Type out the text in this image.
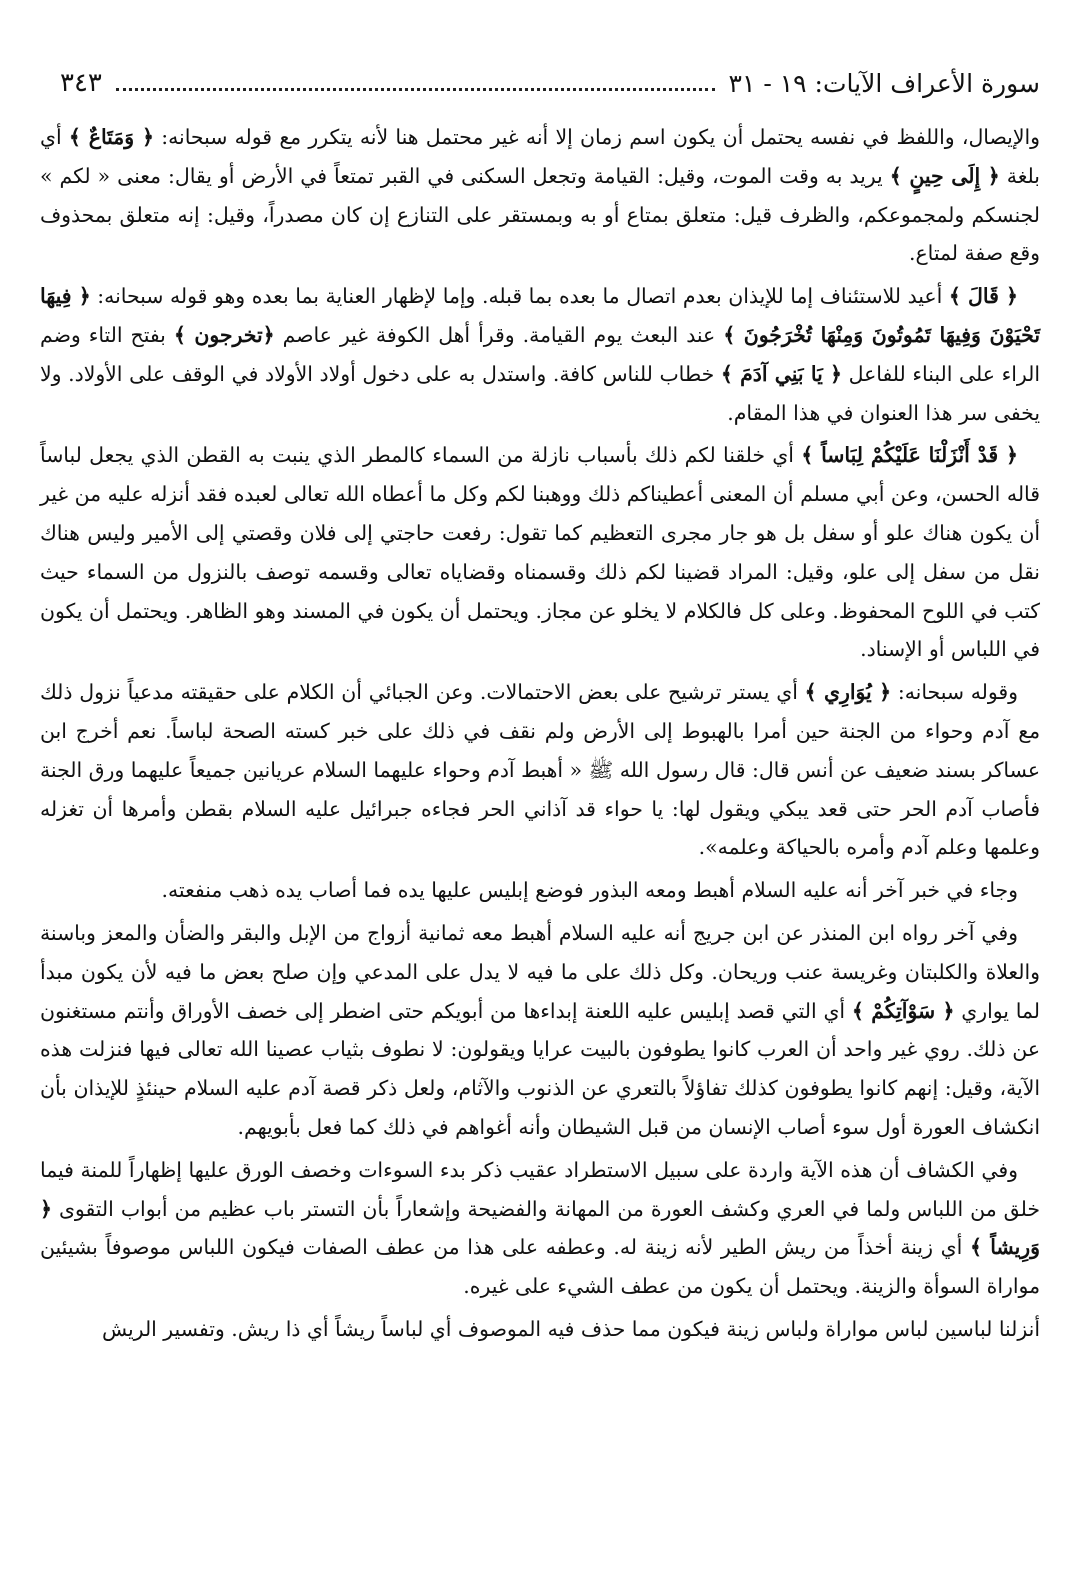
سورة الأعراف الآيات: ١٩ - ٣١
٣٤٣

والإيصال، واللفظ في نفسه يحتمل أن يكون اسم زمان إلا أنه غير محتمل هنا لأنه يتكرر مع قوله سبحانه: ﴿ وَمَتَاعٌ ﴾ أي بلغة ﴿ إِلَى حِينٍ ﴾ يريد به وقت الموت، وقيل: القيامة وتجعل السكنى في القبر تمتعاً في الأرض أو يقال: معنى « لكم » لجنسكم ولمجموعكم، والظرف قيل: متعلق بمتاع أو به وبمستقر على التنازع إن كان مصدراً، وقيل: إنه متعلق بمحذوف وقع صفة لمتاع.

﴿ قَالَ ﴾ أعيد للاستئناف إما للإيذان بعدم اتصال ما بعده بما قبله. وإما لإظهار العناية بما بعده وهو قوله سبحانه: ﴿ فِيهَا تَحْيَوْنَ وَفِيهَا تَمُوتُونَ وَمِنْهَا تُخْرَجُونَ ﴾ عند البعث يوم القيامة. وقرأ أهل الكوفة غير عاصم ﴿تخرجون ﴾ بفتح التاء وضم الراء على البناء للفاعل ﴿ يَا بَنِي آدَمَ ﴾ خطاب للناس كافة. واستدل به على دخول أولاد الأولاد في الوقف على الأولاد. ولا يخفى سر هذا العنوان في هذا المقام.

﴿ قَدْ أَنْزَلْنَا عَلَيْكُمْ لِبَاساً ﴾ أي خلقنا لكم ذلك بأسباب نازلة من السماء كالمطر الذي ينبت به القطن الذي يجعل لباساً قاله الحسن، وعن أبي مسلم أن المعنى أعطيناكم ذلك ووهبنا لكم وكل ما أعطاه الله تعالى لعبده فقد أنزله عليه من غير أن يكون هناك علو أو سفل بل هو جار مجرى التعظيم كما تقول: رفعت حاجتي إلى فلان وقصتي إلى الأمير وليس هناك نقل من سفل إلى علو، وقيل: المراد قضينا لكم ذلك وقسمناه وقضاياه تعالى وقسمه توصف بالنزول من السماء حيث كتب في اللوح المحفوظ. وعلى كل فالكلام لا يخلو عن مجاز. ويحتمل أن يكون في المسند وهو الظاهر. ويحتمل أن يكون في اللباس أو الإسناد.

وقوله سبحانه: ﴿ يُوَارِي ﴾ أي يستر ترشيح على بعض الاحتمالات. وعن الجبائي أن الكلام على حقيقته مدعياً نزول ذلك مع آدم وحواء من الجنة حين أمرا بالهبوط إلى الأرض ولم نقف في ذلك على خبر كسته الصحة لباساً. نعم أخرج ابن عساكر بسند ضعيف عن أنس قال: قال رسول الله ﷺ « أهبط آدم وحواء عليهما السلام عريانين جميعاً عليهما ورق الجنة فأصاب آدم الحر حتى قعد يبكي ويقول لها: يا حواء قد آذاني الحر فجاءه جبرائيل عليه السلام بقطن وأمرها أن تغزله وعلمها وعلم آدم وأمره بالحياكة وعلمه».

وجاء في خبر آخر أنه عليه السلام أهبط ومعه البذور فوضع إبليس عليها يده فما أصاب يده ذهب منفعته.

وفي آخر رواه ابن المنذر عن ابن جريج أنه عليه السلام أهبط معه ثمانية أزواج من الإبل والبقر والضأن والمعز وباسنة والعلاة والكلبتان وغريسة عنب وريحان. وكل ذلك على ما فيه لا يدل على المدعي وإن صلح بعض ما فيه لأن يكون مبدأ لما يواري ﴿ سَوْآتِكُمْ ﴾ أي التي قصد إبليس عليه اللعنة إبداءها من أبويكم حتى اضطر إلى خصف الأوراق وأنتم مستغنون عن ذلك. روي غير واحد أن العرب كانوا يطوفون بالبيت عرايا ويقولون: لا نطوف بثياب عصينا الله تعالى فيها فنزلت هذه الآية، وقيل: إنهم كانوا يطوفون كذلك تفاؤلاً بالتعري عن الذنوب والآثام، ولعل ذكر قصة آدم عليه السلام حينئذٍ للإيذان بأن انكشاف العورة أول سوء أصاب الإنسان من قبل الشيطان وأنه أغواهم في ذلك كما فعل بأبويهم.

وفي الكشاف أن هذه الآية واردة على سبيل الاستطراد عقيب ذكر بدء السوءات وخصف الورق عليها إظهاراً للمنة فيما خلق من اللباس ولما في العري وكشف العورة من المهانة والفضيحة وإشعاراً بأن التستر باب عظيم من أبواب التقوى ﴿ وَرِيشاً ﴾ أي زينة أخذاً من ريش الطير لأنه زينة له. وعطفه على هذا من عطف الصفات فيكون اللباس موصوفاً بشيئين مواراة السوأة والزينة. ويحتمل أن يكون من عطف الشيء على غيره.

أنزلنا لباسين لباس مواراة ولباس زينة فيكون مما حذف فيه الموصوف أي لباساً ريشاً أي ذا ريش. وتفسير الريش
